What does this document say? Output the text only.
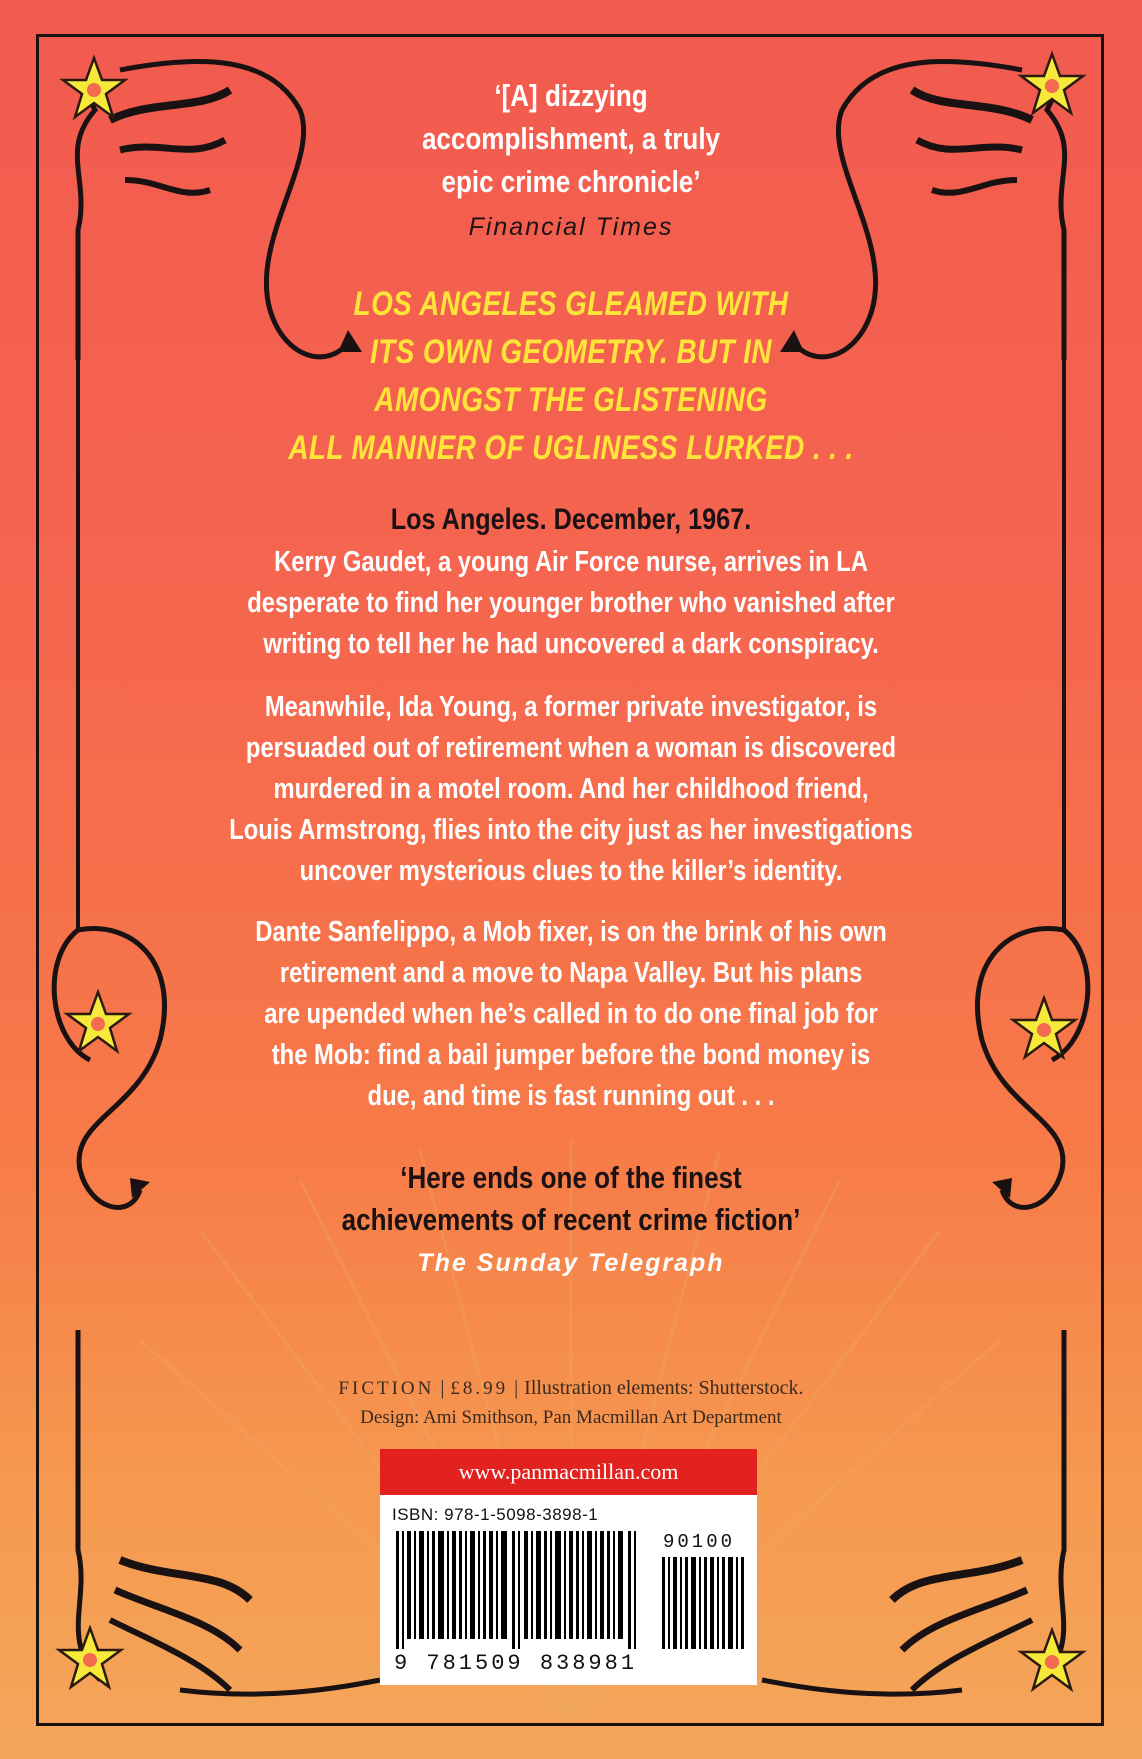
‘[A] dizzying
accomplishment, a truly
epic crime chronicle’
Financial Times
LOS ANGELES GLEAMED WITH
ITS OWN GEOMETRY. BUT IN
AMONGST THE GLISTENING
ALL MANNER OF UGLINESS LURKED . . .
Los Angeles. December, 1967.
Kerry Gaudet, a young Air Force nurse, arrives in LA
desperate to find her younger brother who vanished after
writing to tell her he had uncovered a dark conspiracy.
Meanwhile, Ida Young, a former private investigator, is
persuaded out of retirement when a woman is discovered
murdered in a motel room. And her childhood friend,
Louis Armstrong, flies into the city just as her investigations
uncover mysterious clues to the killer’s identity.
Dante Sanfelippo, a Mob fixer, is on the brink of his own
retirement and a move to Napa Valley. But his plans
are upended when he’s called in to do one final job for
the Mob: find a bail jumper before the bond money is
due, and time is fast running out . . .
‘Here ends one of the finest
achievements of recent crime fiction’
The Sunday Telegraph
FICTION | £8.99 | Illustration elements: Shutterstock.
Design: Ami Smithson, Pan Macmillan Art Department
www.panmacmillan.com
ISBN: 978-1-5098-3898-1
90100
9 781509 838981
